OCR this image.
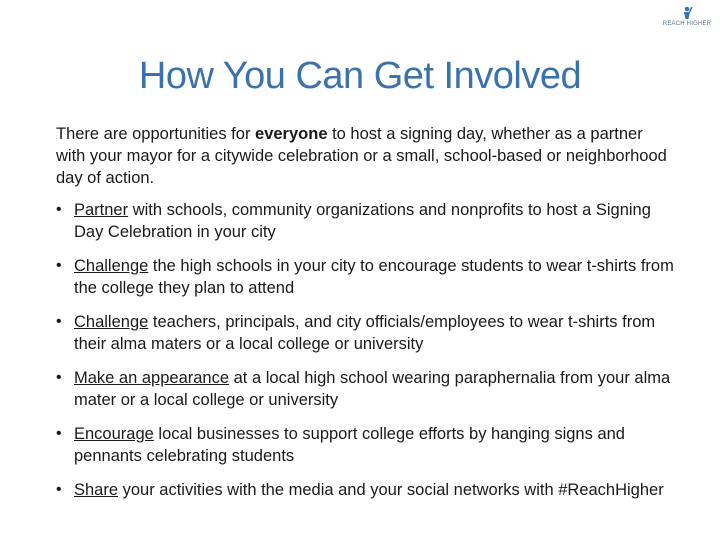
REACH HIGHER
How You Can Get Involved

There are opportunities for everyone to host a signing day, whether as a partner with your mayor for a citywide celebration or a small, school-based or neighborhood day of action.

• Partner with schools, community organizations and nonprofits to host a Signing Day Celebration in your city
• Challenge the high schools in your city to encourage students to wear t-shirts from the college they plan to attend
• Challenge teachers, principals, and city officials/employees to wear t-shirts from their alma maters or a local college or university
• Make an appearance at a local high school wearing paraphernalia from your alma mater or a local college or university
• Encourage local businesses to support college efforts by hanging signs and pennants celebrating students
• Share your activities with the media and your social networks with #ReachHigher
